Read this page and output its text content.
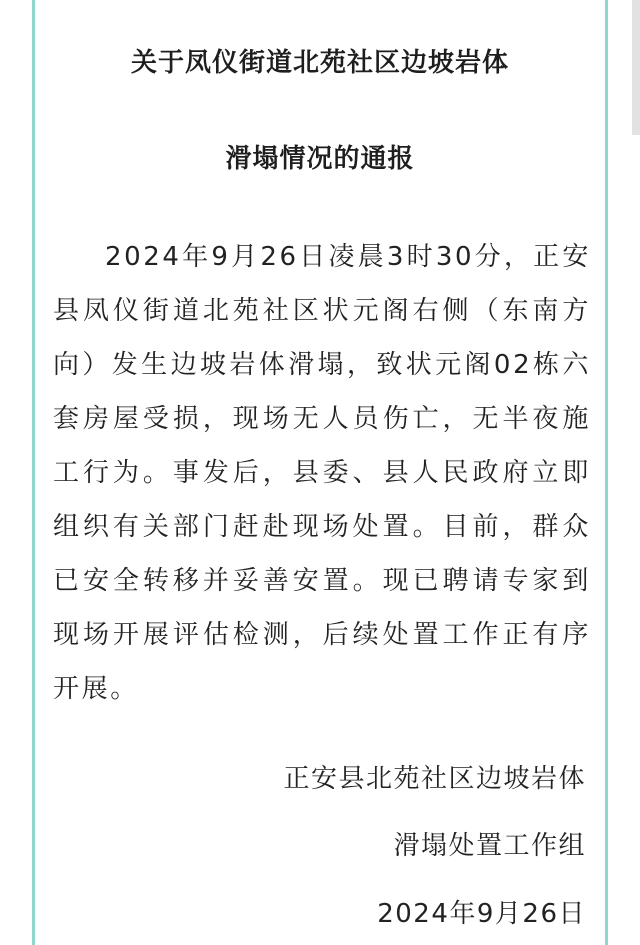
关于凤仪街道北苑社区边坡岩体
滑塌情况的通报

2024年9月26日凌晨3时30分，正安县凤仪街道北苑社区状元阁右侧（东南方向）发生边坡岩体滑塌，致状元阁02栋六套房屋受损，现场无人员伤亡，无半夜施工行为。事发后，县委、县人民政府立即组织有关部门赶赴现场处置。目前，群众已安全转移并妥善安置。现已聘请专家到现场开展评估检测，后续处置工作正有序开展。

正安县北苑社区边坡岩体
滑塌处置工作组
2024年9月26日
